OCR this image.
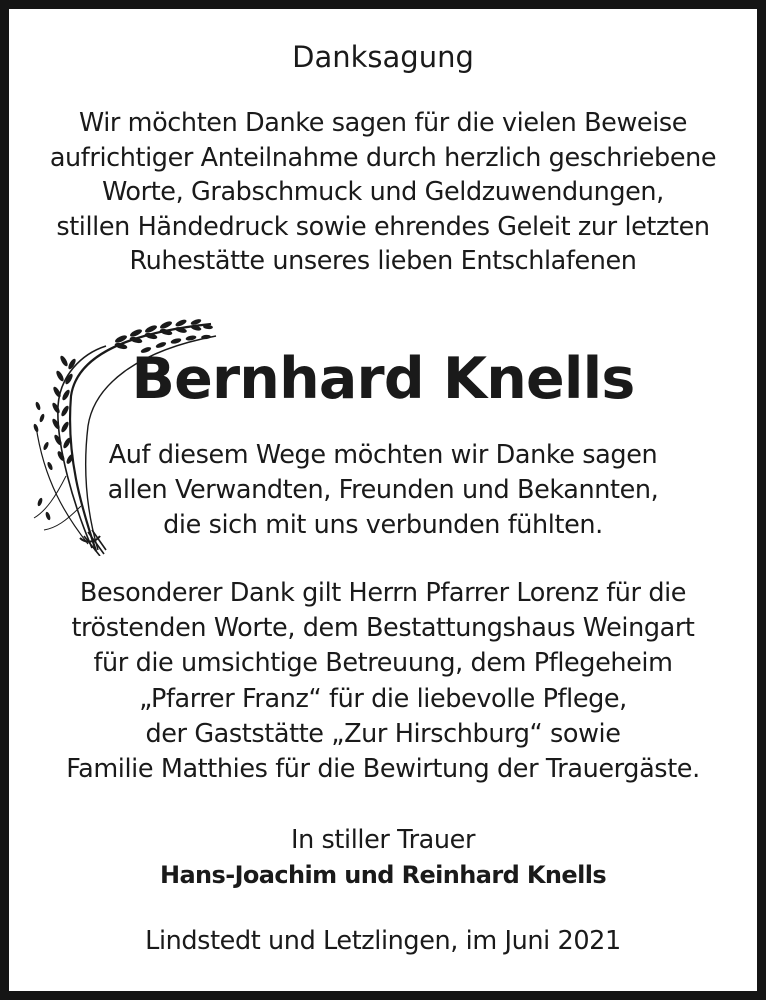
Danksagung
Wir möchten Danke sagen für die vielen Beweise
aufrichtiger Anteilnahme durch herzlich geschriebene
Worte, Grabschmuck und Geldzuwendungen,
stillen Händedruck sowie ehrendes Geleit zur letzten
Ruhestätte unseres lieben Entschlafenen
Bernhard Knells
Auf diesem Wege möchten wir Danke sagen
allen Verwandten, Freunden und Bekannten,
die sich mit uns verbunden fühlten.
Besonderer Dank gilt Herrn Pfarrer Lorenz für die
tröstenden Worte, dem Bestattungshaus Weingart
für die umsichtige Betreuung, dem Pflegeheim
„Pfarrer Franz“ für die liebevolle Pflege,
der Gaststätte „Zur Hirschburg“ sowie
Familie Matthies für die Bewirtung der Trauergäste.
In stiller Trauer
Hans-Joachim und Reinhard Knells
Lindstedt und Letzlingen, im Juni 2021
